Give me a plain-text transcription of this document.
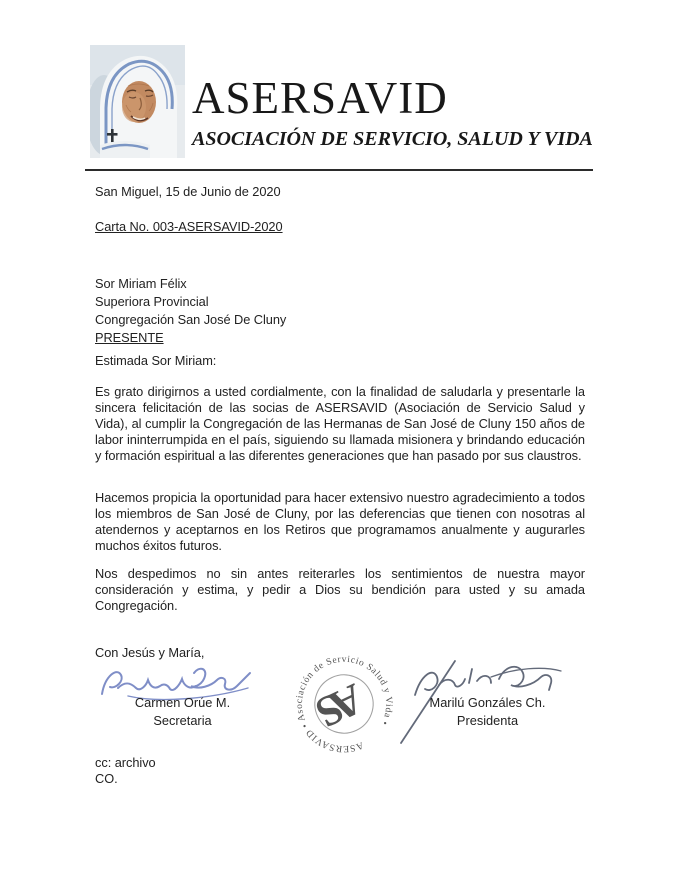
ASERSAVID
ASOCIACIÓN DE SERVICIO, SALUD Y VIDA
San Miguel, 15 de Junio de 2020
Carta No. 003-ASERSAVID-2020
Sor Miriam Félix
Superiora Provincial
Congregación San José De Cluny
PRESENTE
Estimada Sor Miriam:
Es grato dirigirnos a usted cordialmente, con la finalidad de saludarla y presentarle la sincera felicitación de las socias de ASERSAVID (Asociación de Servicio Salud y Vida), al cumplir la Congregación de las Hermanas de San José de Cluny 150 años de labor ininterrumpida en el país, siguiendo su llamada misionera y brindando educación y formación espiritual a las diferentes generaciones que han pasado por sus claustros.
Hacemos propicia la oportunidad para hacer extensivo nuestro agradecimiento a todos los miembros de San José de Cluny, por las deferencias que tienen con nosotras al atendernos y aceptarnos en los Retiros que programamos anualmente y augurarles muchos éxitos futuros.
Nos despedimos no sin antes reiterarles los sentimientos de nuestra mayor consideración y estima, y pedir a Dios su bendición para usted y su amada Congregación.
Con Jesús y María,
ASERSAVID • Asociación de Servicio Salud y Vida •
AS
Carmen Orúe M.
Secretaria
Marilú Gonzáles Ch.
Presidenta
cc: archivo
CO.
